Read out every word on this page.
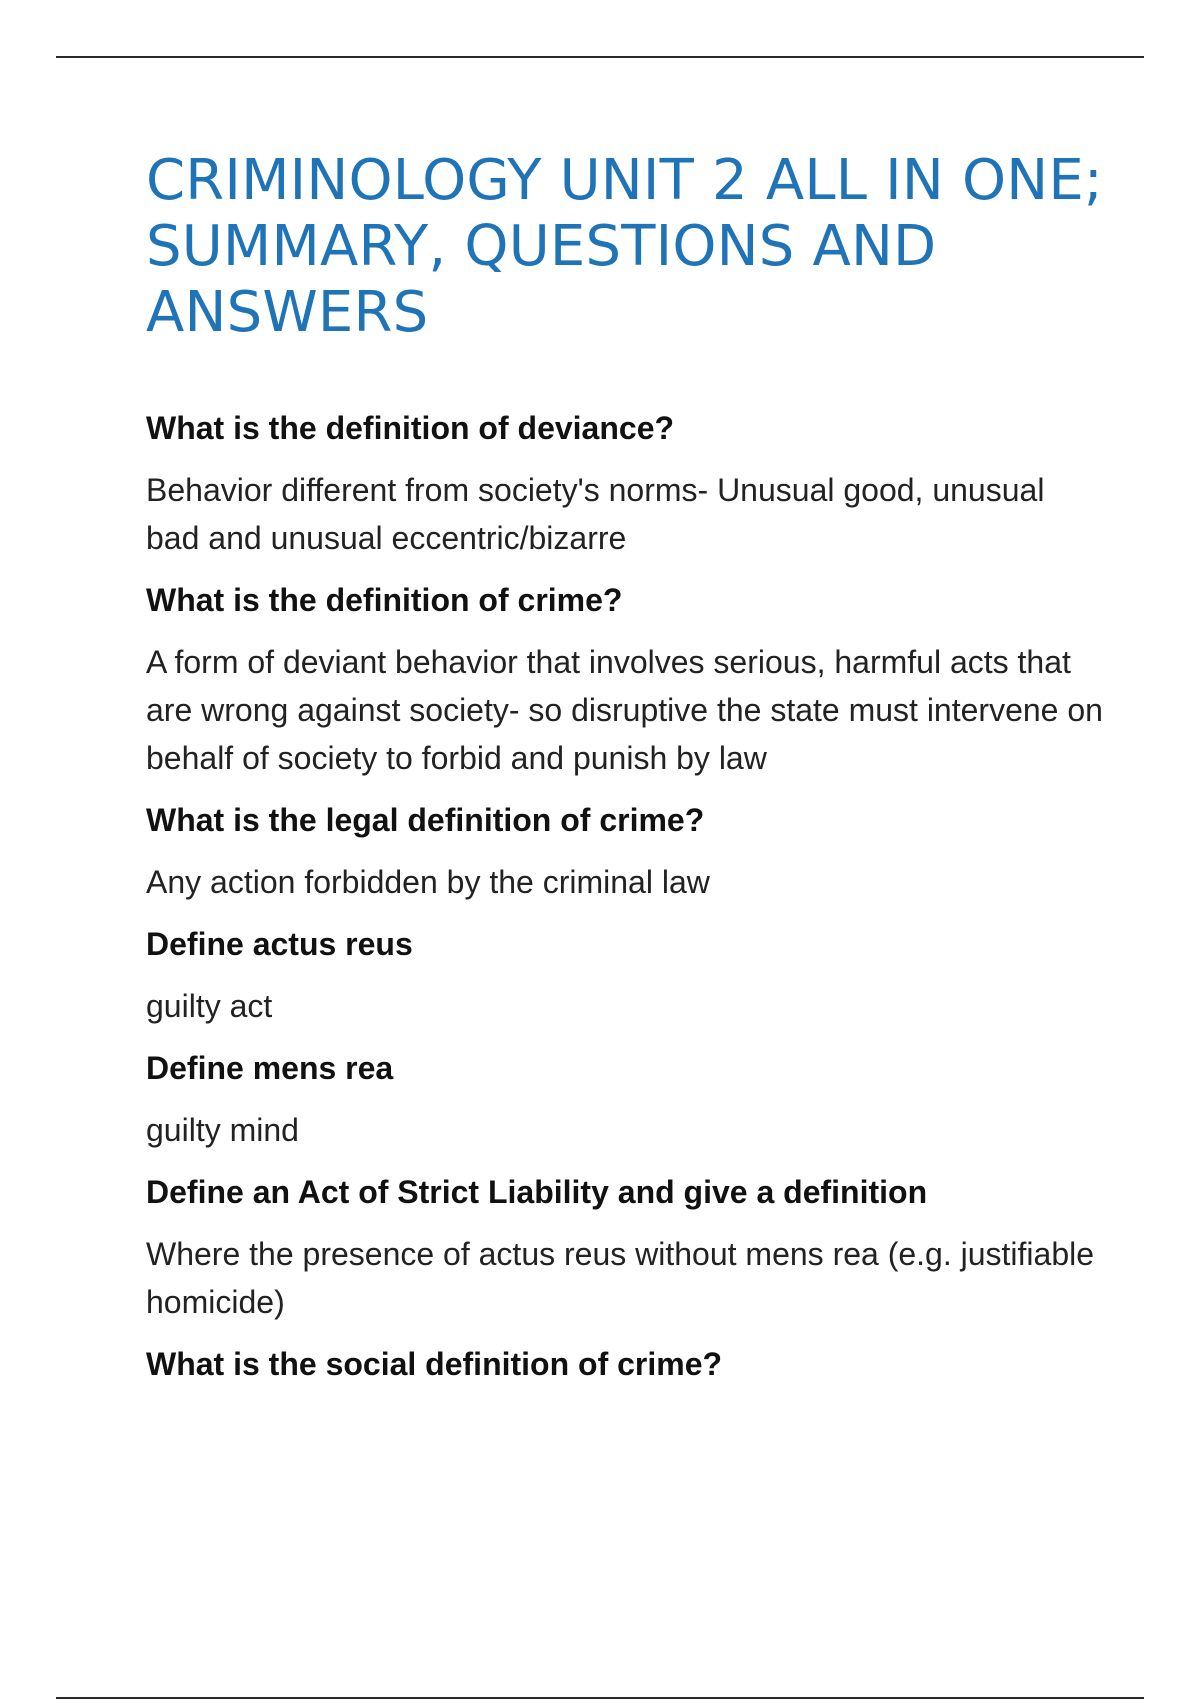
CRIMINOLOGY UNIT 2 ALL IN ONE; SUMMARY, QUESTIONS AND ANSWERS

What is the definition of deviance?

Behavior different from society's norms- Unusual good, unusual bad and unusual eccentric/bizarre

What is the definition of crime?

A form of deviant behavior that involves serious, harmful acts that are wrong against society- so disruptive the state must intervene on behalf of society to forbid and punish by law

What is the legal definition of crime?

Any action forbidden by the criminal law

Define actus reus

guilty act

Define mens rea

guilty mind

Define an Act of Strict Liability and give a definition

Where the presence of actus reus without mens rea (e.g. justifiable homicide)

What is the social definition of crime?
